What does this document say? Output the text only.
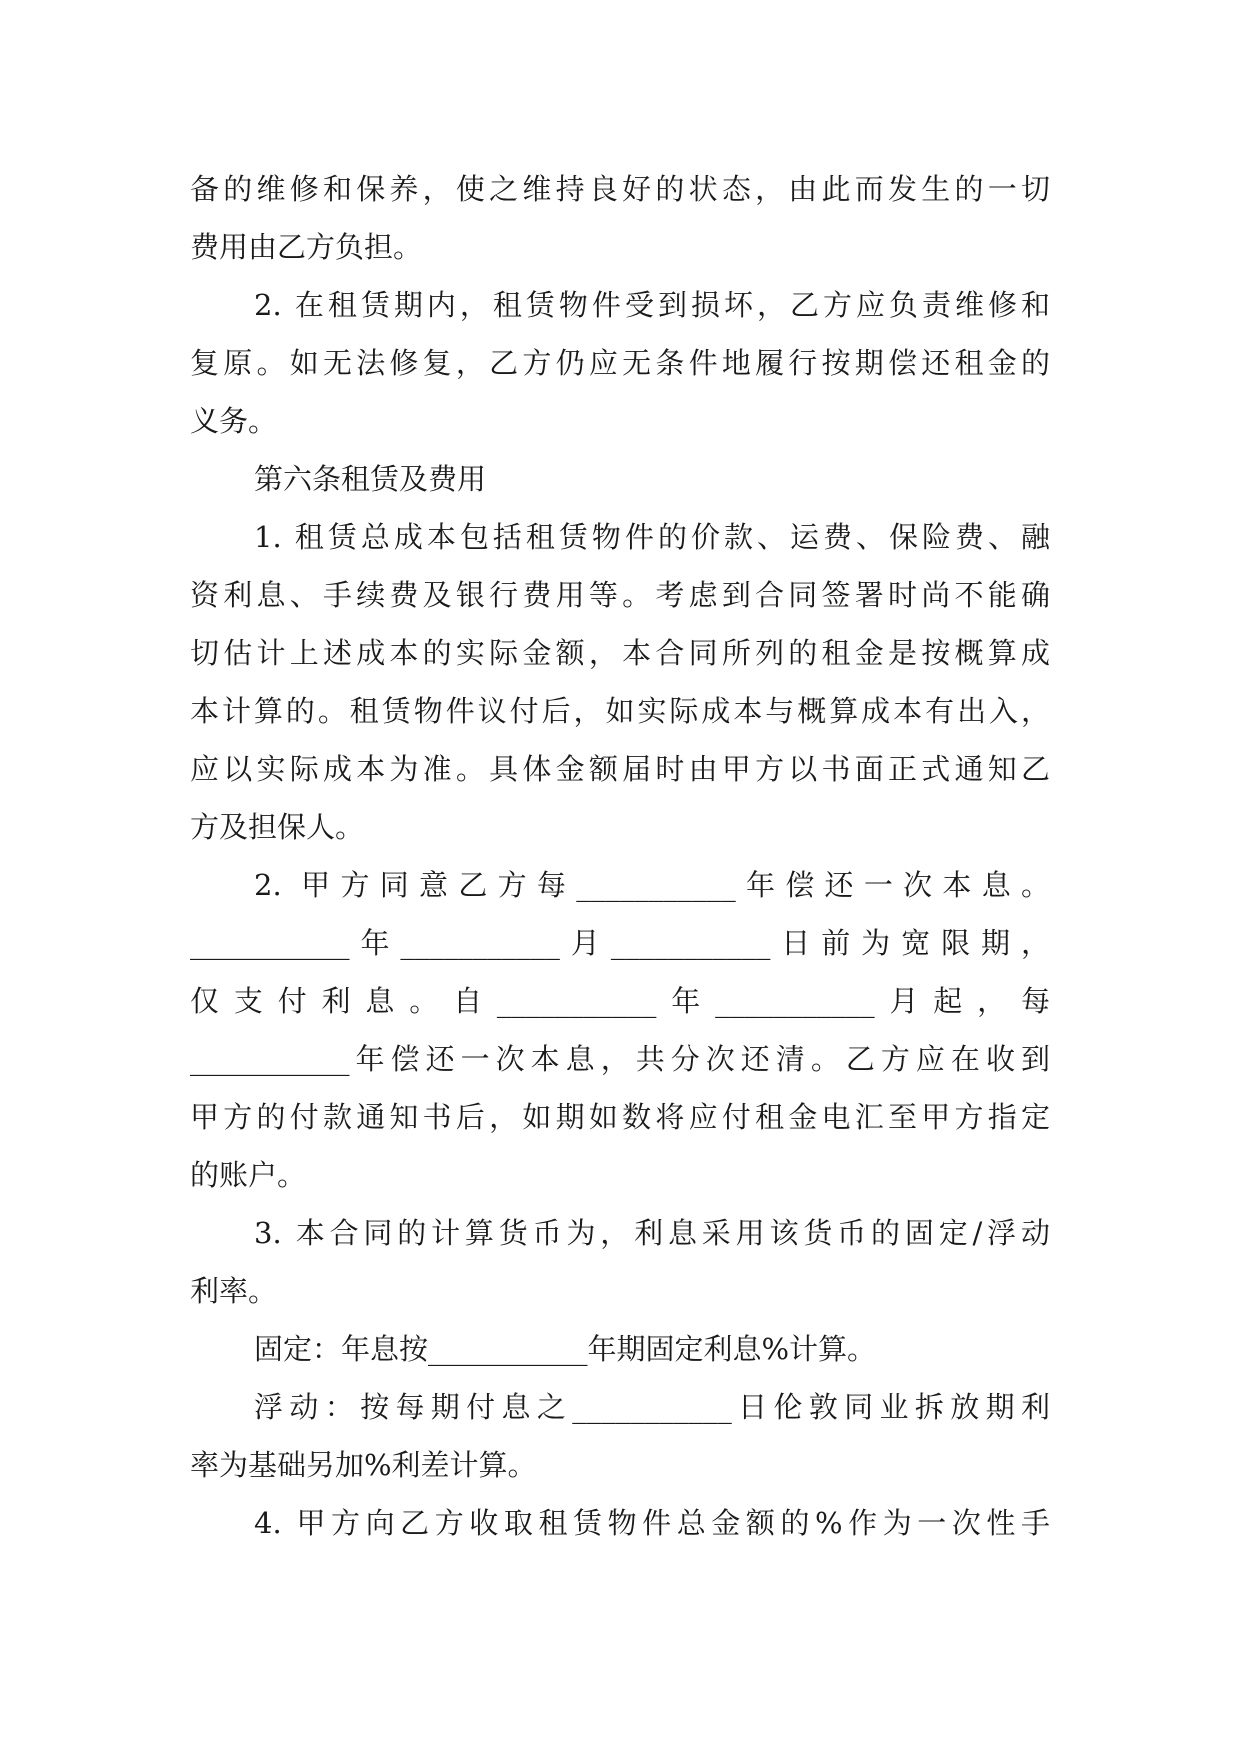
备的维修和保养，使之维持良好的状态，由此而发生的一切
费用由乙方负担。
2. 在租赁期内，租赁物件受到损坏，乙方应负责维修和
复原。如无法修复，乙方仍应无条件地履行按期偿还租金的
义务。
第六条租赁及费用
1. 租赁总成本包括租赁物件的价款、运费、保险费、融
资利息、手续费及银行费用等。考虑到合同签署时尚不能确
切估计上述成本的实际金额，本合同所列的租金是按概算成
本计算的。租赁物件议付后，如实际成本与概算成本有出入，
应以实际成本为准。具体金额届时由甲方以书面正式通知乙
方及担保人。
2. 甲方同意乙方每___________年偿还一次本息。
___________年___________月___________日前为宽限期，
仅支付利息。自___________年___________月起，每
___________年偿还一次本息，共分次还清。乙方应在收到
甲方的付款通知书后，如期如数将应付租金电汇至甲方指定
的账户。
3. 本合同的计算货币为，利息采用该货币的固定/浮动
利率。
固定：年息按___________年期固定利息%计算。
浮动：按每期付息之___________日伦敦同业拆放期利
率为基础另加%利差计算。
4. 甲方向乙方收取租赁物件总金额的%作为一次性手
